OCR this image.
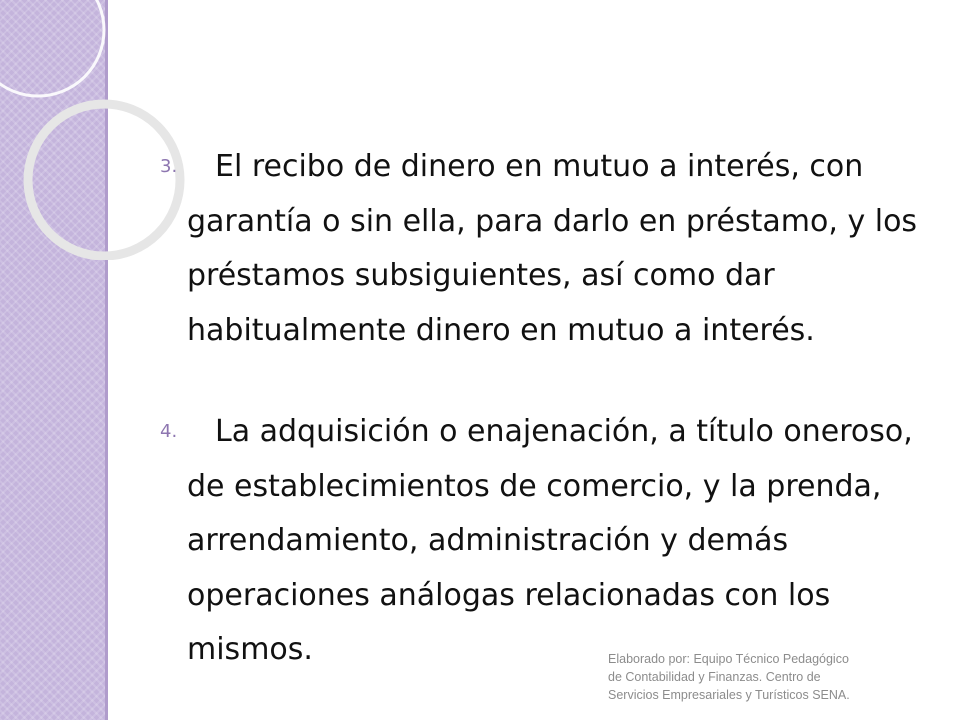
3.	El recibo de dinero en mutuo a interés, con

garantía o sin ella, para darlo en préstamo, y los

préstamos subsiguientes, así como dar

habitualmente dinero en mutuo a interés.

4.	La adquisición o enajenación, a título oneroso,

de establecimientos de comercio, y la prenda,

arrendamiento, administración y demás

operaciones análogas relacionadas con los

mismos.	Elaborado por: Equipo Técnico Pedagógico
de Contabilidad y Finanzas. Centro de
Servicios Empresariales y Turísticos SENA.
